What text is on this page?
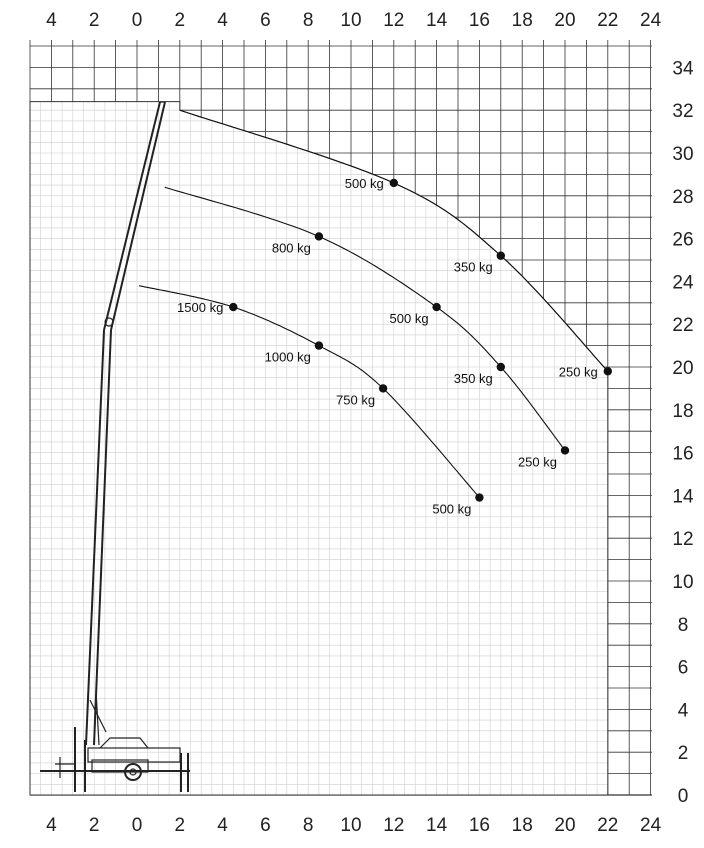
500 kg
350 kg
250 kg
800 kg
500 kg
350 kg
250 kg
1500 kg
1000 kg
750 kg
500 kg
4 2 0 2 4 6 8 10 12 14 16 18 20 22 24
4 2 0 2 4 6 8 10 12 14 16 18 20 22 24
0
2
4
6
8
10
12
14
16
18
20
22
24
26
28
30
32
34
